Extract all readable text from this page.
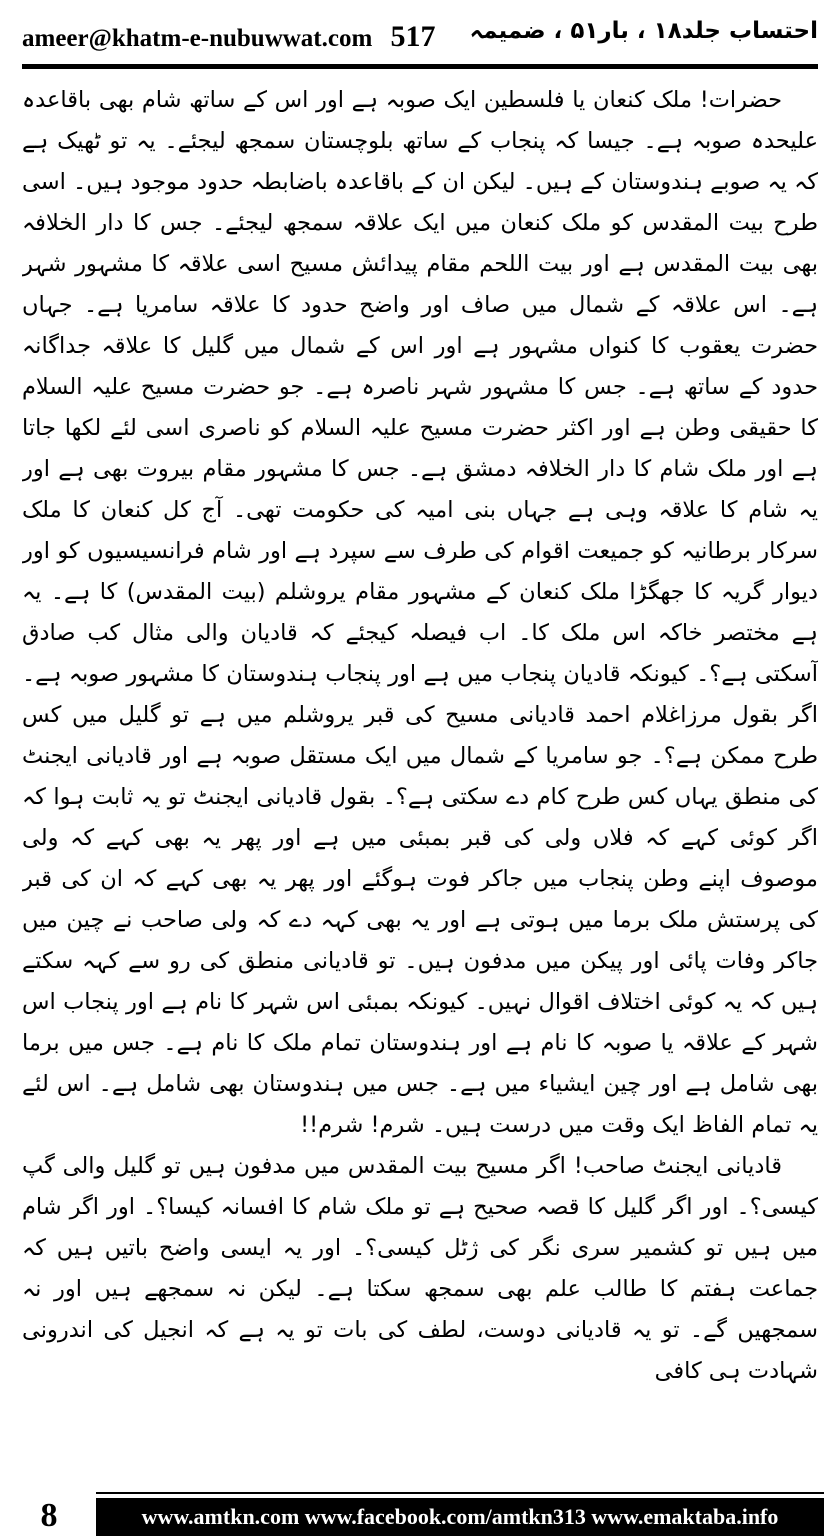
ameer@khatm-e-nubuwwat.com 517 احتساب جلد۱۸ ، بار۵۱ ، ضمیمہ

حضرات! ملک کنعان یا فلسطین ایک صوبہ ہے اور اس کے ساتھ شام بھی باقاعدہ علیحدہ صوبہ ہے۔ جیسا کہ پنجاب کے ساتھ بلوچستان سمجھ لیجئے۔ یہ تو ٹھیک ہے کہ یہ صوبے ہندوستان کے ہیں۔ لیکن ان کے باقاعدہ باضابطہ حدود موجود ہیں۔ اسی طرح بیت المقدس کو ملک کنعان میں ایک علاقہ سمجھ لیجئے۔ جس کا دار الخلافہ بھی بیت المقدس ہے اور بیت اللحم مقام پیدائش مسیح اسی علاقہ کا مشہور شہر ہے۔ اس علاقہ کے شمال میں صاف اور واضح حدود کا علاقہ سامریا ہے۔ جہاں حضرت یعقوب کا کنواں مشہور ہے اور اس کے شمال میں گلیل کا علاقہ جداگانہ حدود کے ساتھ ہے۔ جس کا مشہور شہر ناصرہ ہے۔ جو حضرت مسیح علیہ السلام کا حقیقی وطن ہے اور اکثر حضرت مسیح علیہ السلام کو ناصری اسی لئے لکھا جاتا ہے اور ملک شام کا دار الخلافہ دمشق ہے۔ جس کا مشہور مقام بیروت بھی ہے اور یہ شام کا علاقہ وہی ہے جہاں بنی امیہ کی حکومت تھی۔ آج کل کنعان کا ملک سرکار برطانیہ کو جمیعت اقوام کی طرف سے سپرد ہے اور شام فرانسیسیوں کو اور دیوار گریہ کا جھگڑا ملک کنعان کے مشہور مقام یروشلم (بیت المقدس) کا ہے۔ یہ ہے مختصر خاکہ اس ملک کا۔ اب فیصلہ کیجئے کہ قادیان والی مثال کب صادق آسکتی ہے؟۔ کیونکہ قادیان پنجاب میں ہے اور پنجاب ہندوستان کا مشہور صوبہ ہے۔ اگر بقول مرزاغلام احمد قادیانی مسیح کی قبر یروشلم میں ہے تو گلیل میں کس طرح ممکن ہے؟۔ جو سامریا کے شمال میں ایک مستقل صوبہ ہے اور قادیانی ایجنٹ کی منطق یہاں کس طرح کام دے سکتی ہے؟۔ بقول قادیانی ایجنٹ تو یہ ثابت ہوا کہ اگر کوئی کہے کہ فلاں ولی کی قبر بمبئی میں ہے اور پھر یہ بھی کہے کہ ولی موصوف اپنے وطن پنجاب میں جاکر فوت ہوگئے اور پھر یہ بھی کہے کہ ان کی قبر کی پرستش ملک برما میں ہوتی ہے اور یہ بھی کہہ دے کہ ولی صاحب نے چین میں جاکر وفات پائی اور پیکن میں مدفون ہیں۔ تو قادیانی منطق کی رو سے کہہ سکتے ہیں کہ یہ کوئی اختلاف اقوال نہیں۔ کیونکہ بمبئی اس شہر کا نام ہے اور پنجاب اس شہر کے علاقہ یا صوبہ کا نام ہے اور ہندوستان تمام ملک کا نام ہے۔ جس میں برما بھی شامل ہے اور چین ایشیاء میں ہے۔ جس میں ہندوستان بھی شامل ہے۔ اس لئے یہ تمام الفاظ ایک وقت میں درست ہیں۔ شرم! شرم!!

قادیانی ایجنٹ صاحب! اگر مسیح بیت المقدس میں مدفون ہیں تو گلیل والی گپ کیسی؟۔ اور اگر گلیل کا قصہ صحیح ہے تو ملک شام کا افسانہ کیسا؟۔ اور اگر شام میں ہیں تو کشمیر سری نگر کی ژٹل کیسی؟۔ اور یہ ایسی واضح باتیں ہیں کہ جماعت ہفتم کا طالب علم بھی سمجھ سکتا ہے۔ لیکن نہ سمجھے ہیں اور نہ سمجھیں گے۔ تو یہ قادیانی دوست، لطف کی بات تو یہ ہے کہ انجیل کی اندرونی شہادت ہی کافی

8	www.amtkn.com www.facebook.com/amtkn313 www.emaktaba.info
